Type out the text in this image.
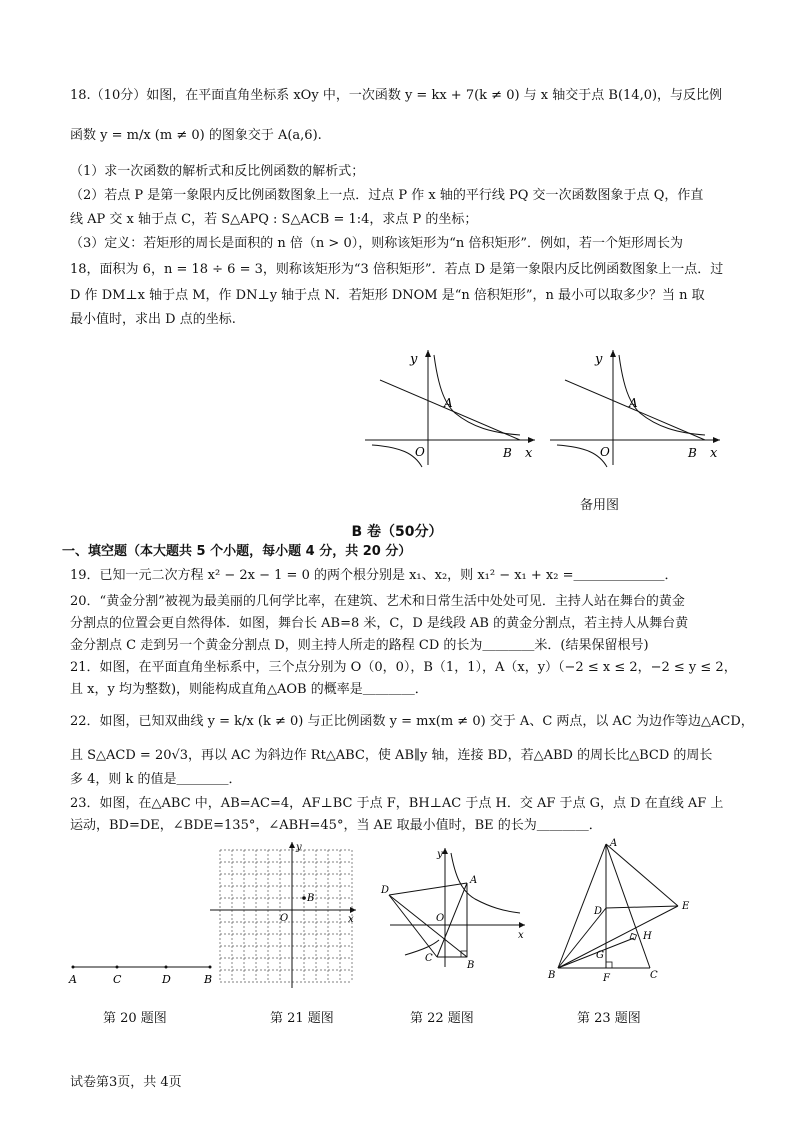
18.（10分）如图，在平面直角坐标系 xOy 中，一次函数 y = kx + 7(k ≠ 0) 与 x 轴交于点 B(14,0)，与反比例
函数 y = m/x (m ≠ 0) 的图象交于 A(a,6).
（1）求一次函数的解析式和反比例函数的解析式；
（2）若点 P 是第一象限内反比例函数图象上一点．过点 P 作 x 轴的平行线 PQ 交一次函数图象于点 Q，作直
线 AP 交 x 轴于点 C，若 S△APQ : S△ACB = 1:4，求点 P 的坐标；
（3）定义：若矩形的周长是面积的 n 倍（n > 0），则称该矩形为“n 倍积矩形”．例如，若一个矩形周长为
18，面积为 6，n = 18 ÷ 6 = 3，则称该矩形为“3 倍积矩形”．若点 D 是第一象限内反比例函数图象上一点．过
D 作 DM⊥x 轴于点 M，作 DN⊥y 轴于点 N．若矩形 DNOM 是“n 倍积矩形”，n 最小可以取多少？当 n 取
最小值时，求出 D 点的坐标.
y
x
O
A
B
y
x
O
A
B
备用图
B 卷（50分）
一、填空题（本大题共 5 个小题，每小题 4 分，共 20 分）
19．已知一元二次方程 x² − 2x − 1 = 0 的两个根分别是 x₁、x₂，则 x₁² − x₁ + x₂ =＿＿＿＿＿＿＿．
20．“黄金分割”被视为最美丽的几何学比率，在建筑、艺术和日常生活中处处可见．主持人站在舞台的黄金
分割点的位置会更自然得体．如图，舞台长 AB=8 米，C，D 是线段 AB 的黄金分割点，若主持人从舞台黄
金分割点 C 走到另一个黄金分割点 D，则主持人所走的路程 CD 的长为＿＿＿＿米．(结果保留根号)
21．如图，在平面直角坐标系中，三个点分别为 O（0，0），B（1，1），A（x，y）（−2 ≤ x ≤ 2，−2 ≤ y ≤ 2，
且 x，y 均为整数)，则能构成直角△AOB 的概率是＿＿＿＿．
22．如图，已知双曲线 y = k/x (k ≠ 0) 与正比例函数 y = mx(m ≠ 0) 交于 A、C 两点，以 AC 为边作等边△ACD，
且 S△ACD = 20√3，再以 AC 为斜边作 Rt△ABC，使 AB∥y 轴，连接 BD，若△ABD 的周长比△BCD 的周长
多 4，则 k 的值是＿＿＿＿．
23．如图，在△ABC 中，AB=AC=4，AF⊥BC 于点 F，BH⊥AC 于点 H．交 AF 于点 G，点 D 在直线 AF 上
运动，BD=DE，∠BDE=135°，∠ABH=45°，当 AE 取最小值时，BE 的长为＿＿＿＿．
A	C	D	B
第 20 题图
y
x
O
B
第 21 题图
y
x
O
A
B
C
D
第 22 题图
A
B	C
D	E
F
G
H
第 23 题图
试卷第3页，共 4页
